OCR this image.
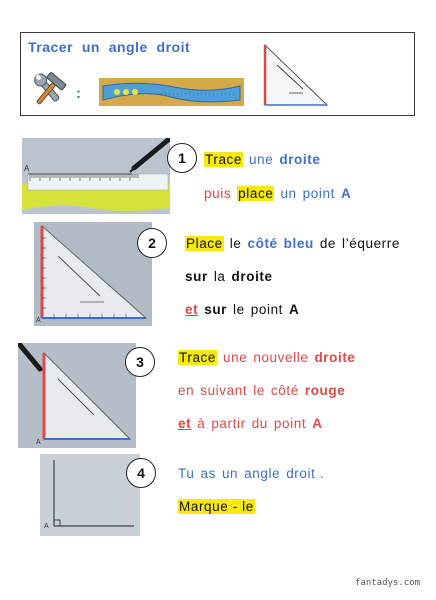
Tracer  un  angle  droit
:
A
A
A
A
1
2
3
4
Trace une droite
puis place un point A
Place le côté bleu de l’équerre
sur la droite
et sur le point A
Trace une nouvelle droite
en suivant le côté rouge
et à partir du point A
Tu as un angle droit .
Marque - le
fantadys.com
